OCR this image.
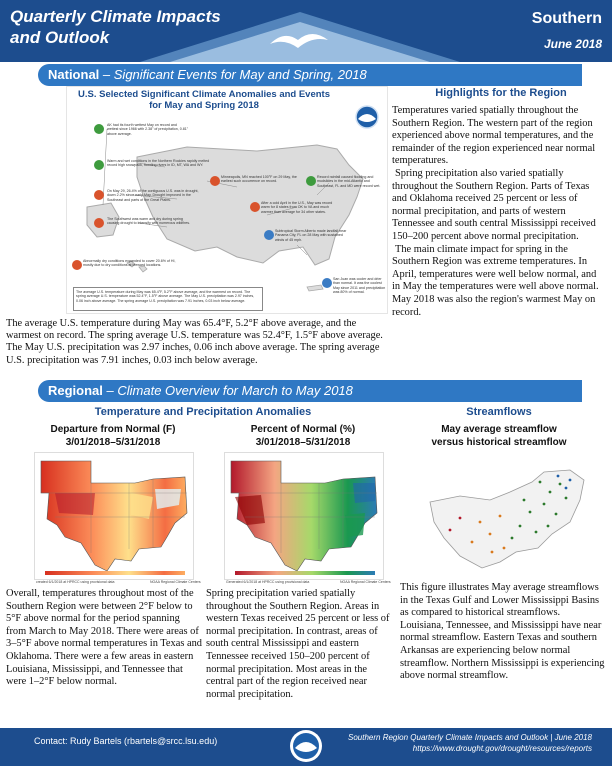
Quarterly Climate Impacts
and Outlook
Southern
June 2018
National – Significant Events for May and Spring, 2018
U.S. Selected Significant Climate Anomalies and Events
for May and Spring 2018
AK had its fourth wettest May on record and wettest since 1966 with 2.38" of precipitation, 0.81" above average.
Warm and wet conditions in the Northern Rockies rapidly melted record high snowpack, flooding rivers in ID, MT, WA and WY.
On May 29, 26.4% of the contiguous U.S. was in drought, down 2.2% since early May. Drought improved in the Southeast and parts of the Great Plains.
The Southwest was warm and dry during spring causing drought to intensify with numerous wildfires.
Abnormally dry conditions expanded to cover 20.6% of HI, mostly due to dry conditions at leeward locations.
Minneapolis, MN reached 100°F on 29 May, the earliest such occurrence on record.
After a cold April in the U.S., May was record warm for 8 states from OK to VA and much warmer than average for 34 other states.
Record rainfall caused flooding and mudslides in the mid-Atlantic and Southeast, FL and MD were record wet.
Subtropical Storm Alberto made landfall near Panama City, FL on 28 May with sustained winds of 45 mph.
San Juan was cooler and drier than normal. It was the coolest May since 2011 and precipitation was 80% of normal.
The average U.S. temperature during May was 65.4°F, 5.2°F above average, and the warmest on record. The spring average U.S. temperature was 52.4°F, 1.5°F above average. The May U.S. precipitation was 2.97 inches, 0.06 inch above average. The spring average U.S. precipitation was 7.91 inches, 0.03 inch below average.
The average U.S. temperature during May was 65.4°F, 5.2°F above average, and the warmest on record. The spring average U.S. temperature was 52.4°F, 1.5°F above average. The May U.S. precipitation was 2.97 inches, 0.06 inch above average. The spring average U.S. precipitation was 7.91 inches, 0.03 inch below average.
Highlights for the Region
Temperatures varied spatially throughout the Southern Region. The western part of the region experienced above normal temperatures, and the remainder of the region experienced near normal temperatures.
Spring precipitation also varied spatially throughout the Southern Region. Parts of Texas and Oklahoma received 25 percent or less of normal precipitation, and parts of western Tennessee and south central Mississippi received 150–200 percent above normal precipitation.
The main climate impact for spring in the Southern Region was extreme temperatures. In April, temperatures were well below normal, and in May the temperatures were well above normal. May 2018 was also the region's warmest May on record.
Regional – Climate Overview for March to May 2018
Temperature and Precipitation Anomalies	Streamflows
Departure from Normal (F)
3/01/2018–5/31/2018
created 6/1/2018 at HPRCC using provisional data	NOAA Regional Climate Centers
Percent of Normal (%)
3/01/2018–5/31/2018
Generated 6/1/2018 at HPRCC using provisional data	NOAA Regional Climate Centers
May average streamflow
versus historical streamflow
Overall, temperatures throughout most of the Southern Region were between 2°F below to 5°F above normal for the period spanning from March to May 2018. There were areas of 3–5°F above normal temperatures in Texas and Oklahoma. There were a few areas in eastern Louisiana, Mississippi, and Tennessee that were 1–2°F below normal.
Spring precipitation varied spatially throughout the Southern Region. Areas in western Texas received 25 percent or less of normal precipitation. In contrast, areas of south central Mississippi and eastern Tennessee received 150–200 percent of normal precipitation. Most areas in the central part of the region received near normal precipitation.
This figure illustrates May average streamflows in the Texas Gulf and Lower Mississippi Basins as compared to historical streamflows. Louisiana, Tennessee, and Mississippi have near normal streamflow. Eastern Texas and southern Arkansas are experiencing below normal streamflow. Northern Mississippi is experiencing above normal streamflow.
Contact: Rudy Bartels (rbartels@srcc.lsu.edu)	Southern Region Quarterly Climate Impacts and Outlook | June 2018
https://www.drought.gov/drought/resources/reports
